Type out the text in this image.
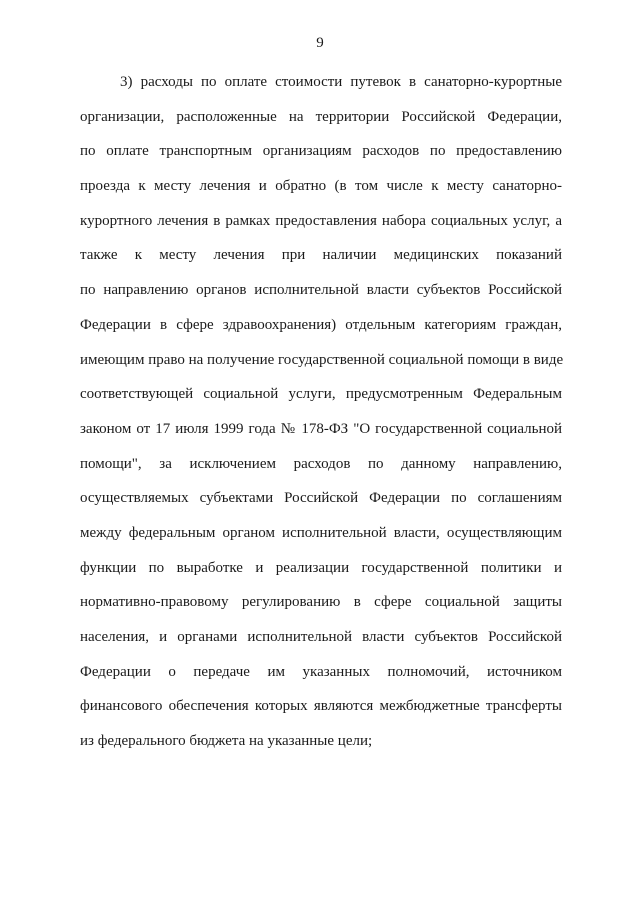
9
3) расходы по оплате стоимости путевок в санаторно-курортные
организации, расположенные на территории Российской Федерации,
по оплате транспортным организациям расходов по предоставлению
проезда к месту лечения и обратно (в том числе к месту санаторно-
курортного лечения в рамках предоставления набора социальных услуг, а
также к месту лечения при наличии медицинских показаний
по направлению органов исполнительной власти субъектов Российской
Федерации в сфере здравоохранения) отдельным категориям граждан,
имеющим право на получение государственной социальной помощи в виде
соответствующей социальной услуги, предусмотренным Федеральным
законом от 17 июля 1999 года № 178-ФЗ "О государственной социальной
помощи", за исключением расходов по данному направлению,
осуществляемых субъектами Российской Федерации по соглашениям
между федеральным органом исполнительной власти, осуществляющим
функции по выработке и реализации государственной политики и
нормативно-правовому регулированию в сфере социальной защиты
населения, и органами исполнительной власти субъектов Российской
Федерации о передаче им указанных полномочий, источником
финансового обеспечения которых являются межбюджетные трансферты
из федерального бюджета на указанные цели;
